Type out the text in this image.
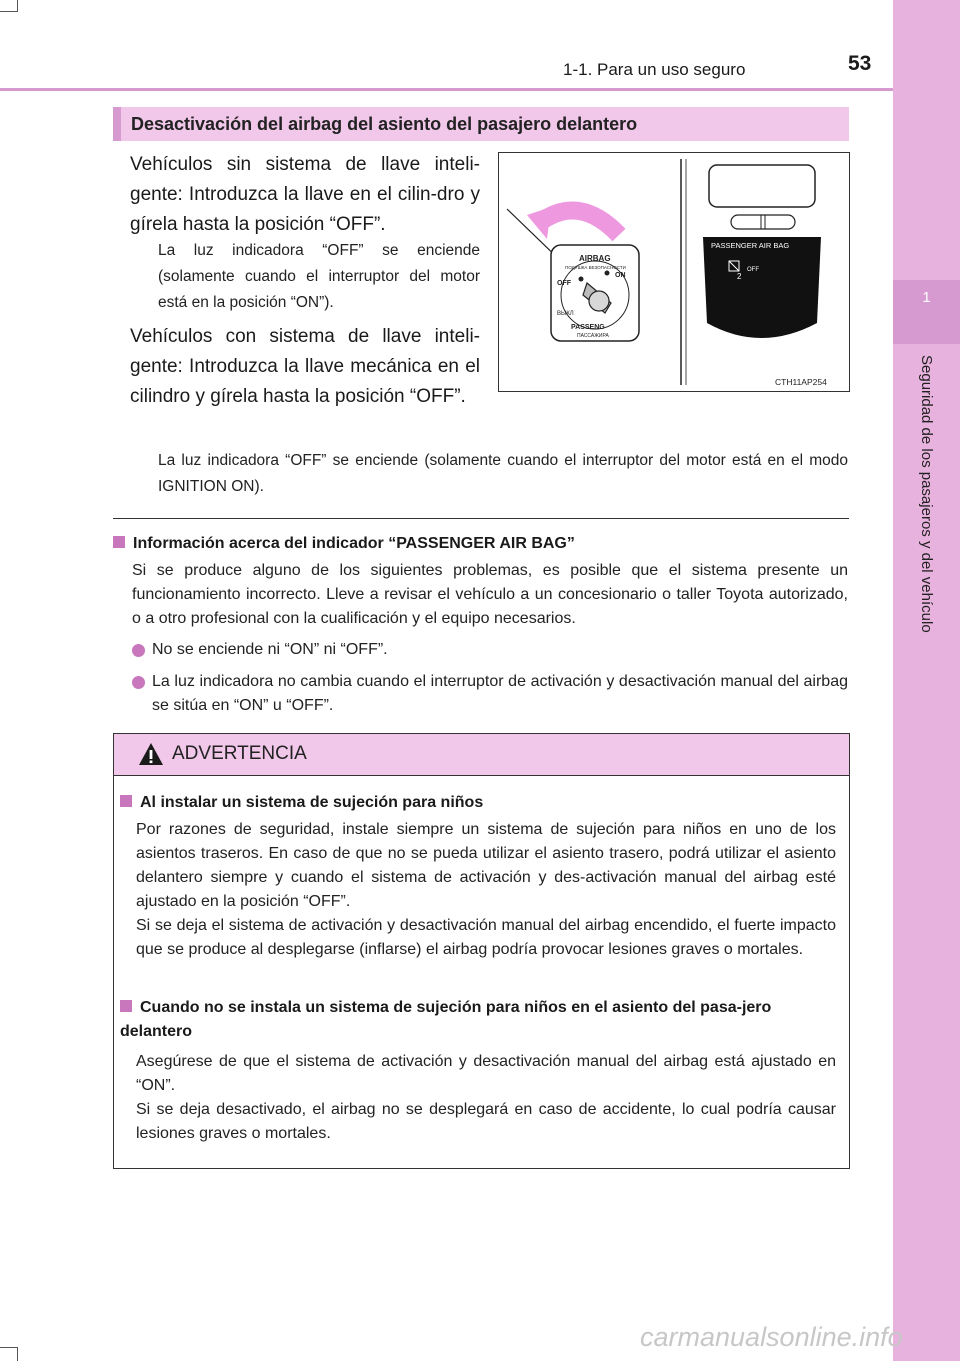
1
Seguridad de los pasajeros y del vehículo
1-1. Para un uso seguro	53
Desactivación del airbag del asiento del pasajero delantero
Vehículos sin sistema de llave inteli-gente: Introduzca la llave en el cilin-dro y gírela hasta la posición “OFF”.
La luz indicadora “OFF” se enciende (solamente cuando el interruptor del motor está en la posición “ON”).
Vehículos con sistema de llave inteli-gente: Introduzca la llave mecánica en el cilindro y gírela hasta la posición “OFF”.
La luz indicadora “OFF” se enciende (solamente cuando el interruptor del motor está en el modo IGNITION ON).
AIRBAG
ПОДУШКА БЕЗОПАСНОСТИ
OFF
ON
ВЫКЛ
PASSENG
ПАССАЖИРА
PASSENGER AIR BAG
2
OFF
CTH11AP254
Información acerca del indicador “PASSENGER AIR BAG”
Si se produce alguno de los siguientes problemas, es posible que el sistema presente un funcionamiento incorrecto. Lleve a revisar el vehículo a un concesionario o taller Toyota autorizado, o a otro profesional con la cualificación y el equipo necesarios.
No se enciende ni “ON” ni “OFF”.
La luz indicadora no cambia cuando el interruptor de activación y desactivación manual del airbag se sitúa en “ON” u “OFF”.
ADVERTENCIA
Al instalar un sistema de sujeción para niños
Por razones de seguridad, instale siempre un sistema de sujeción para niños en uno de los asientos traseros. En caso de que no se pueda utilizar el asiento trasero, podrá utilizar el asiento delantero siempre y cuando el sistema de activación y des-activación manual del airbag esté ajustado en la posición “OFF”.
Si se deja el sistema de activación y desactivación manual del airbag encendido, el fuerte impacto que se produce al desplegarse (inflarse) el airbag podría provocar lesiones graves o mortales.
Cuando no se instala un sistema de sujeción para niños en el asiento del pasa-jero delantero
Asegúrese de que el sistema de activación y desactivación manual del airbag está ajustado en “ON”.
Si se deja desactivado, el airbag no se desplegará en caso de accidente, lo cual podría causar lesiones graves o mortales.
carmanualsonline.info
